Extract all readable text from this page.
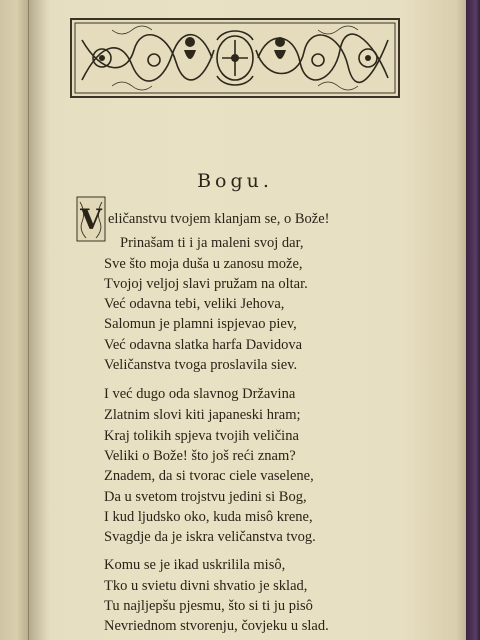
Bogu.
V eličanstvu tvojem klanjam se, o Bože!
Prinašam ti i ja maleni svoj dar,
Sve što moja duša u zanosu može,
Tvojoj veljoj slavi pružam na oltar.
Već odavna tebi, veliki Jehova,
Salomun je plamni ispjevao piev,
Već odavna slatka harfa Davidova
Veličanstva tvoga proslavila siev.
I već dugo oda slavnog Državina
Zlatnim slovi kiti japaneski hram;
Kraj tolikih spjeva tvojih veličina
Veliki o Bože! što još reći znam?
Znadem, da si tvorac ciele vaselene,
Da u svetom trojstvu jedini si Bog,
I kud ljudsko oko, kuda misô krene,
Svagdje da je iskra veličanstva tvog.
Komu se je ikad uskrilila misô,
Tko u svietu divni shvatio je sklad,
Tu najljepšu pjesmu, što si ti ju pisô
Nevriednom stvorenju, čovjeku u slad.
